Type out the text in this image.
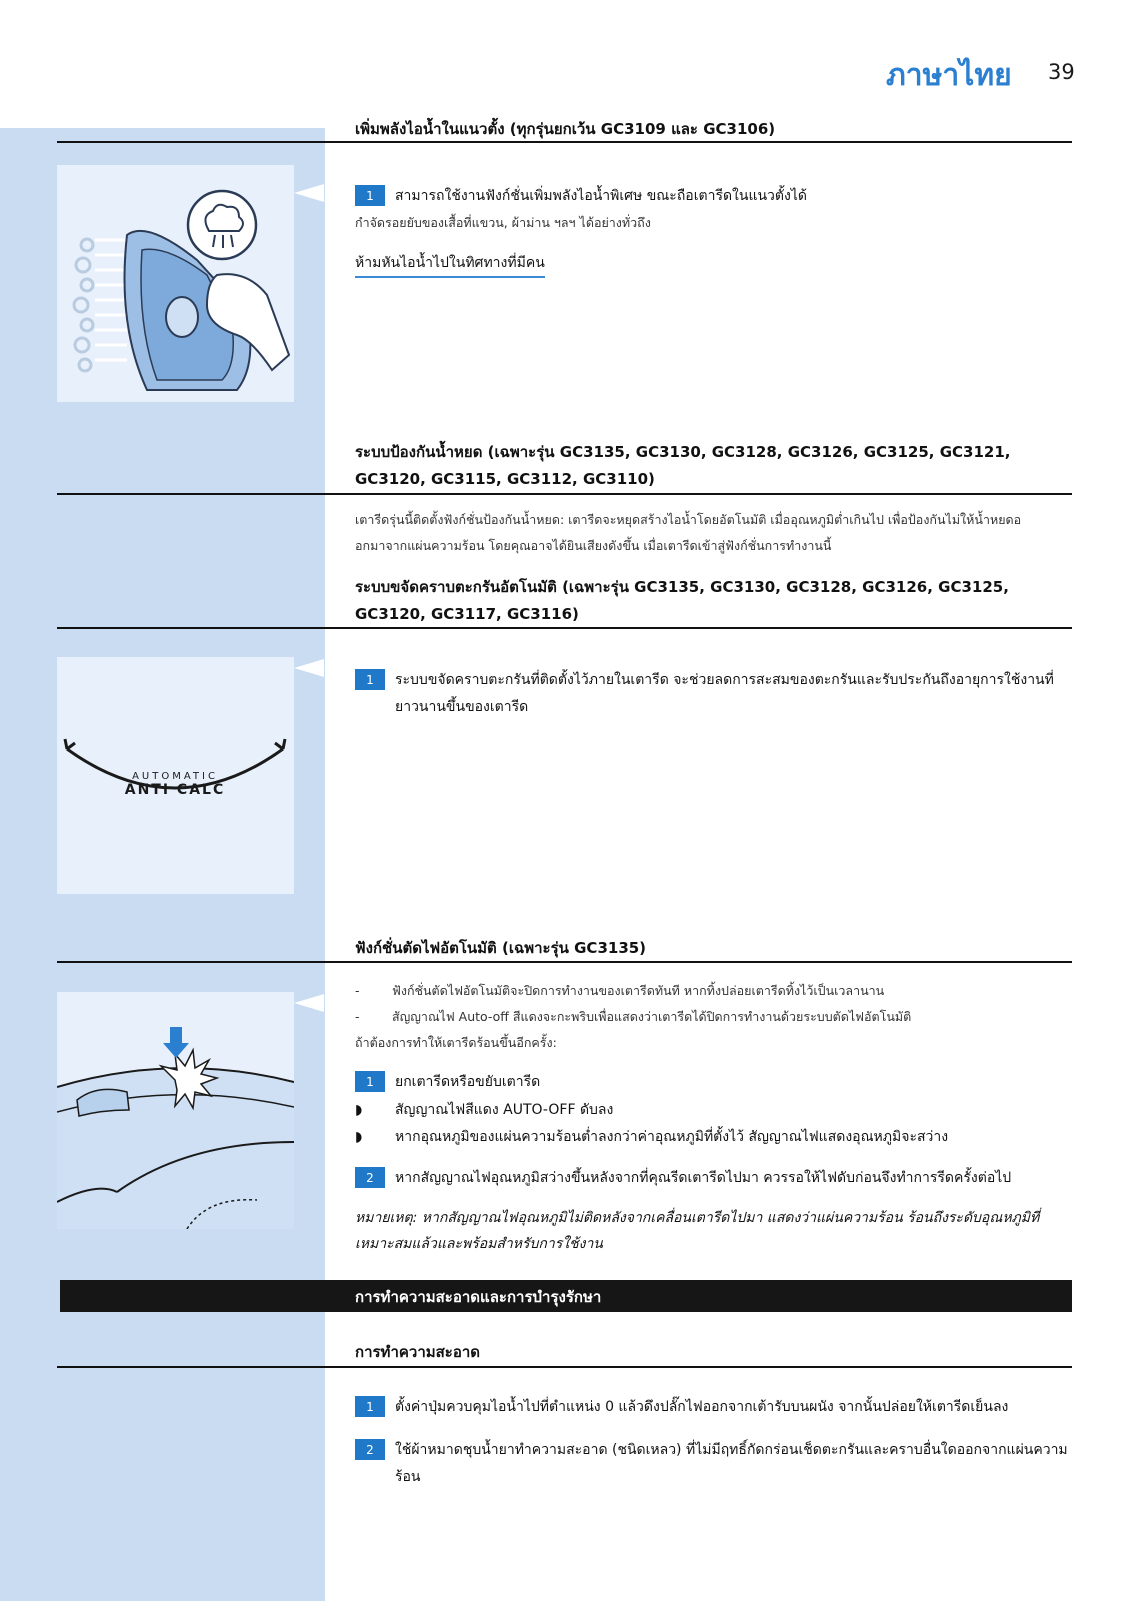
ภาษาไทย 39
เพิ่มพลังไอน้ำในแนวตั้ง (ทุกรุ่นยกเว้น GC3109 และ GC3106)
1	สามารถใช้งานฟังก์ชั่นเพิ่มพลังไอน้ำพิเศษ ขณะถือเตารีดในแนวตั้งได้
กำจัดรอยยับของเสื้อที่แขวน, ผ้าม่าน ฯลฯ ได้อย่างทั่วถึง
ห้ามหันไอน้ำไปในทิศทางที่มีคน
ระบบป้องกันน้ำหยด (เฉพาะรุ่น GC3135, GC3130, GC3128, GC3126, GC3125, GC3121,
GC3120, GC3115, GC3112, GC3110)
เตารีดรุ่นนี้ติดตั้งฟังก์ชั่นป้องกันน้ำหยด: เตารีดจะหยุดสร้างไอน้ำโดยอัตโนมัติ เมื่ออุณหภูมิต่ำเกินไป เพื่อป้องกันไม่ให้น้ำหยดอ
อกมาจากแผ่นความร้อน โดยคุณอาจได้ยินเสียงดังขึ้น เมื่อเตารีดเข้าสู่ฟังก์ชั่นการทำงานนี้
ระบบขจัดคราบตะกรันอัตโนมัติ (เฉพาะรุ่น GC3135, GC3130, GC3128, GC3126, GC3125,
GC3120, GC3117, GC3116)
AUTOMATIC
ANTI CALC
1	ระบบขจัดคราบตะกรันที่ติดตั้งไว้ภายในเตารีด จะช่วยลดการสะสมของตะกรันและรับประกันถึงอายุการใช้งานที่ยาวนานขึ้นของเตารีด
ฟังก์ชั่นตัดไฟอัตโนมัติ (เฉพาะรุ่น GC3135)
-	ฟังก์ชั่นตัดไฟอัตโนมัติจะปิดการทำงานของเตารีดทันที หากทิ้งปล่อยเตารีดทิ้งไว้เป็นเวลานาน
-	สัญญาณไฟ Auto-off สีแดงจะกะพริบเพื่อแสดงว่าเตารีดได้ปิดการทำงานด้วยระบบตัดไฟอัตโนมัติ
ถ้าต้องการทำให้เตารีดร้อนขึ้นอีกครั้ง:
1	ยกเตารีดหรือขยับเตารีด
◗	สัญญาณไฟสีแดง AUTO-OFF ดับลง
◗	หากอุณหภูมิของแผ่นความร้อนต่ำลงกว่าค่าอุณหภูมิที่ตั้งไว้ สัญญาณไฟแสดงอุณหภูมิจะสว่าง
2	หากสัญญาณไฟอุณหภูมิสว่างขึ้นหลังจากที่คุณรีดเตารีดไปมา ควรรอให้ไฟดับก่อนจึงทำการรีดครั้งต่อไป
หมายเหตุ: หากสัญญาณไฟอุณหภูมิไม่ติดหลังจากเคลื่อนเตารีดไปมา แสดงว่าแผ่นความร้อน ร้อนถึงระดับอุณหภูมิที่เหมาะสมแล้วและพร้อมสำหรับการใช้งาน
การทำความสะอาดและการบำรุงรักษา
การทำความสะอาด
1	ตั้งค่าปุ่มควบคุมไอน้ำไปที่ตำแหน่ง 0 แล้วดึงปลั๊กไฟออกจากเต้ารับบนผนัง จากนั้นปล่อยให้เตารีดเย็นลง
2	ใช้ผ้าหมาดชุบน้ำยาทำความสะอาด (ชนิดเหลว) ที่ไม่มีฤทธิ์กัดกร่อนเช็ดตะกรันและคราบอื่นใดออกจากแผ่นความร้อน
